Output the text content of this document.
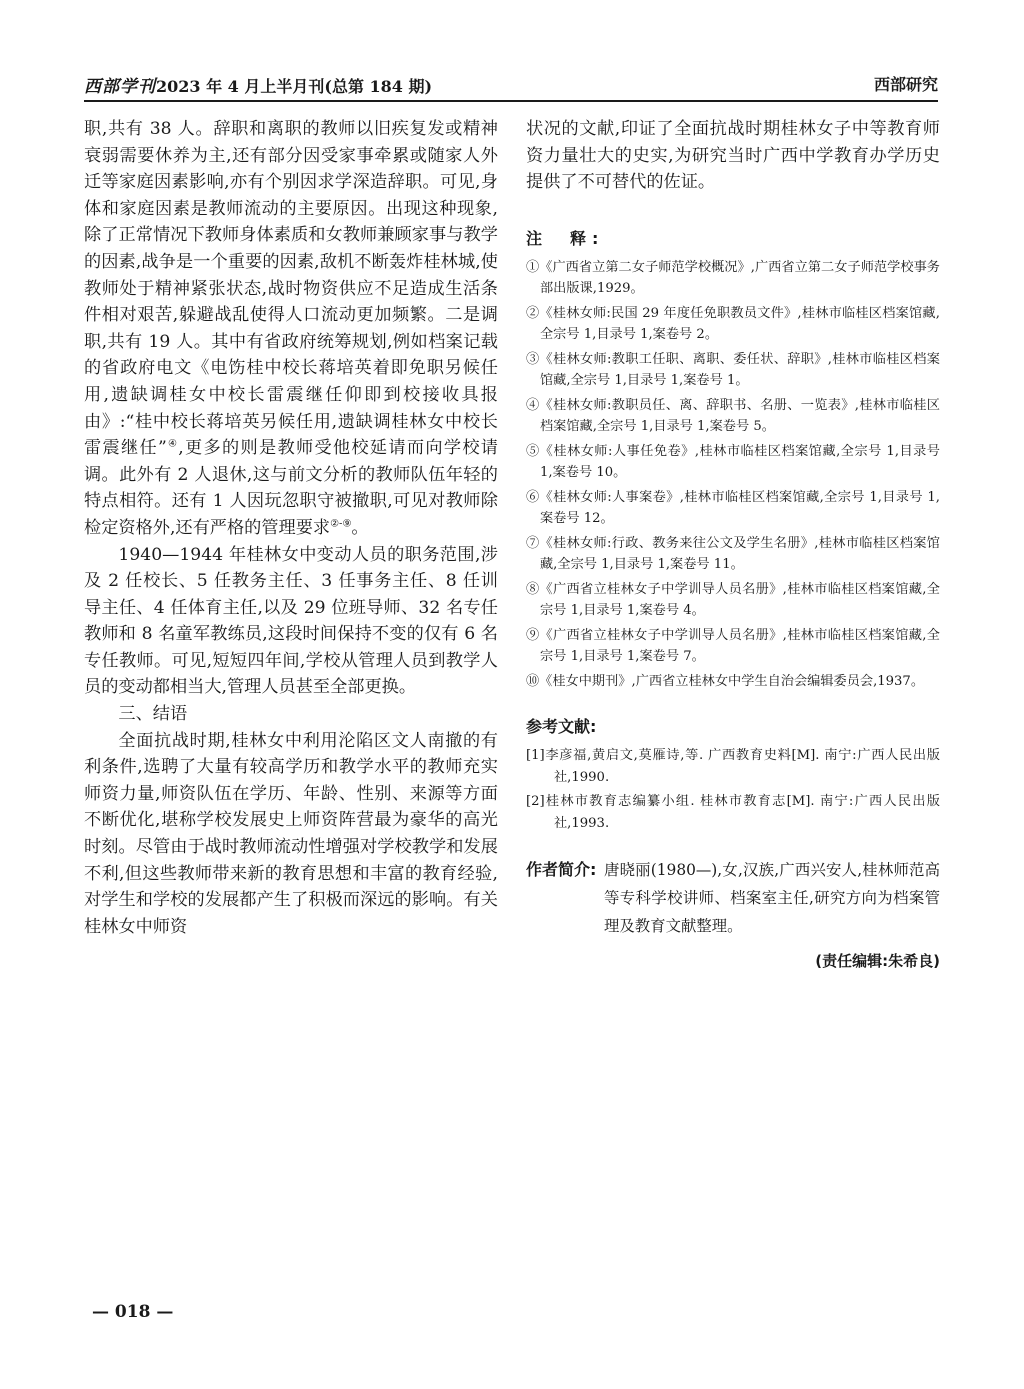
西部学刊2023 年 4 月上半月刊(总第 184 期)	西部研究

职,共有 38 人。辞职和离职的教师以旧疾复发或精神衰弱需要休养为主,还有部分因受家事牵累或随家人外迁等家庭因素影响,亦有个别因求学深造辞职。可见,身体和家庭因素是教师流动的主要原因。出现这种现象,除了正常情况下教师身体素质和女教师兼顾家事与教学的因素,战争是一个重要的因素,敌机不断轰炸桂林城,使教师处于精神紧张状态,战时物资供应不足造成生活条件相对艰苦,躲避战乱使得人口流动更加频繁。二是调职,共有 19 人。其中有省政府统筹规划,例如档案记载的省政府电文《电饬桂中校长蒋培英着即免职另候任用,遗缺调桂女中校长雷震继任仰即到校接收具报由》:“桂中校长蒋培英另候任用,遗缺调桂林女中校长雷震继任”④,更多的则是教师受他校延请而向学校请调。此外有 2 人退休,这与前文分析的教师队伍年轻的特点相符。还有 1 人因玩忽职守被撤职,可见对教师除检定资格外,还有严格的管理要求②-⑨。

1940—1944 年桂林女中变动人员的职务范围,涉及 2 任校长、5 任教务主任、3 任事务主任、8 任训导主任、4 任体育主任,以及 29 位班导师、32 名专任教师和 8 名童军教练员,这段时间保持不变的仅有 6 名专任教师。可见,短短四年间,学校从管理人员到教学人员的变动都相当大,管理人员甚至全部更换。

三、结语

全面抗战时期,桂林女中利用沦陷区文人南撤的有利条件,选聘了大量有较高学历和教学水平的教师充实师资力量,师资队伍在学历、年龄、性别、来源等方面不断优化,堪称学校发展史上师资阵营最为豪华的高光时刻。尽管由于战时教师流动性增强对学校教学和发展不利,但这些教师带来新的教育思想和丰富的教育经验,对学生和学校的发展都产生了积极而深远的影响。有关桂林女中师资

状况的文献,印证了全面抗战时期桂林女子中等教育师资力量壮大的史实,为研究当时广西中学教育办学历史提供了不可替代的佐证。

注　释:

①《广西省立第二女子师范学校概况》,广西省立第二女子师范学校事务部出版课,1929。

②《桂林女师:民国 29 年度任免职教员文件》,桂林市临桂区档案馆藏,全宗号 1,目录号 1,案卷号 2。

③《桂林女师:教职工任职、离职、委任状、辞职》,桂林市临桂区档案馆藏,全宗号 1,目录号 1,案卷号 1。

④《桂林女师:教职员任、离、辞职书、名册、一览表》,桂林市临桂区档案馆藏,全宗号 1,目录号 1,案卷号 5。

⑤《桂林女师:人事任免卷》,桂林市临桂区档案馆藏,全宗号 1,目录号 1,案卷号 10。

⑥《桂林女师:人事案卷》,桂林市临桂区档案馆藏,全宗号 1,目录号 1,案卷号 12。

⑦《桂林女师:行政、教务来往公文及学生名册》,桂林市临桂区档案馆藏,全宗号 1,目录号 1,案卷号 11。

⑧《广西省立桂林女子中学训导人员名册》,桂林市临桂区档案馆藏,全宗号 1,目录号 1,案卷号 4。

⑨《广西省立桂林女子中学训导人员名册》,桂林市临桂区档案馆藏,全宗号 1,目录号 1,案卷号 7。

⑩《桂女中期刊》,广西省立桂林女中学生自治会编辑委员会,1937。

参考文献:

[1]李彦福,黄启文,莫雁诗,等. 广西教育史料[M]. 南宁:广西人民出版社,1990.

[2]桂林市教育志编纂小组. 桂林市教育志[M]. 南宁:广西人民出版社,1993.

作者简介: 唐晓丽(1980—),女,汉族,广西兴安人,桂林师范高等专科学校讲师、档案室主任,研究方向为档案管理及教育文献整理。
(责任编辑:朱希良)
— 018 —
